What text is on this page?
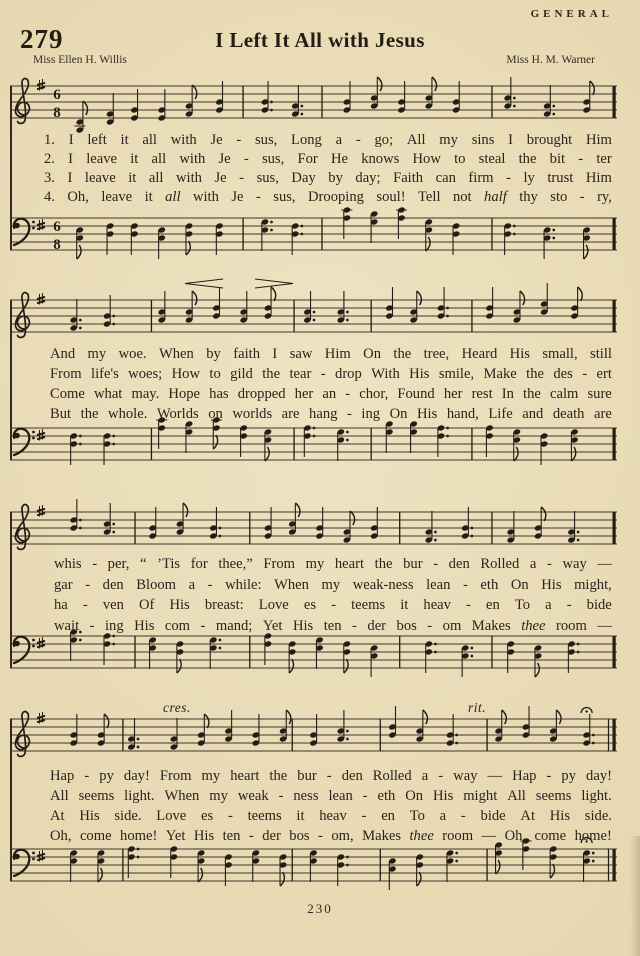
GENERAL
279	I Left It All with Jesus
Miss Ellen H. Willis	Miss H. M. Warner
6
8
6
8
1. I left it all with Je - sus, Long a - go; All my sins I brought Him
2. I leave it all with Je - sus, For He knows How to steal the bit - ter
3. I leave it all with Je - sus, Day by day; Faith can firm - ly trust Him
4. Oh, leave it all with Je - sus, Drooping soul! Tell not half thy sto - ry,
And my woe. When by faith I saw Him On the tree, Heard His small, still
From life's woes; How to gild the tear - drop With His smile, Make the des - ert
Come what may. Hope has dropped her an - chor, Found her rest In the calm sure
But the whole. Worlds on worlds are hang - ing On His hand, Life and death are
whis - per, “ ’Tis for thee,” From my heart the bur - den Rolled a - way —
gar - den Bloom a - while: When my weak-ness lean - eth On His might,
ha - ven Of His breast: Love es - teems it heav - en To a - bide
wait - ing His com - mand; Yet His ten - der bos - om Makes thee room —
Hap - py day! From my heart the bur - den Rolled a - way — Hap - py day!
All seems light. When my weak - ness lean - eth On His might All seems light.
At His side. Love es - teems it heav - en To a - bide At His side.
Oh, come home! Yet His ten - der bos - om, Makes thee room — Oh, come home!
cres.	rit.
230
